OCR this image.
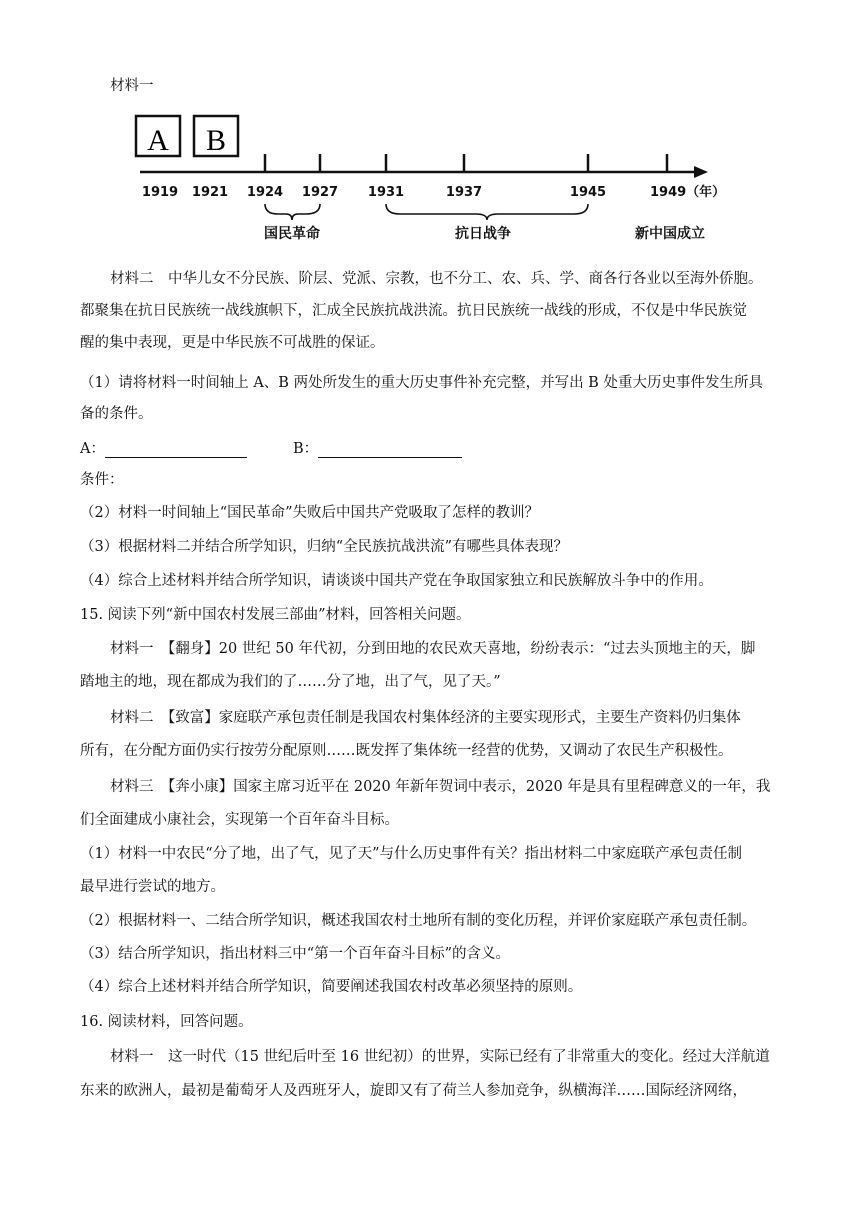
材料一
A B
1919 1921 1924 1927 1931	1937	1945	1949（年）
国民革命	抗日战争	新中国成立
材料二　中华儿女不分民族、阶层、党派、宗教，也不分工、农、兵、学、商各行各业以至海外侨胞。
都聚集在抗日民族统一战线旗帜下，汇成全民族抗战洪流。抗日民族统一战线的形成，不仅是中华民族觉
醒的集中表现，更是中华民族不可战胜的保证。
（1）请将材料一时间轴上 A、B 两处所发生的重大历史事件补充完整，并写出 B 处重大历史事件发生所具
备的条件。
A：	B：
条件：
（2）材料一时间轴上“国民革命”失败后中国共产党吸取了怎样的教训？
（3）根据材料二并结合所学知识，归纳“全民族抗战洪流”有哪些具体表现？
（4）综合上述材料并结合所学知识，请谈谈中国共产党在争取国家独立和民族解放斗争中的作用。
15. 阅读下列“新中国农村发展三部曲”材料，回答相关问题。
材料一　【翻身】20 世纪 50 年代初，分到田地的农民欢天喜地，纷纷表示：“过去头顶地主的天，脚
踏地主的地，现在都成为我们的了……分了地，出了气，见了天。”
材料二　【致富】家庭联产承包责任制是我国农村集体经济的主要实现形式，主要生产资料仍归集体
所有，在分配方面仍实行按劳分配原则……既发挥了集体统一经营的优势，又调动了农民生产积极性。
材料三　【奔小康】国家主席习近平在 2020 年新年贺词中表示，2020 年是具有里程碑意义的一年，我
们全面建成小康社会，实现第一个百年奋斗目标。
（1）材料一中农民“分了地，出了气，见了天”与什么历史事件有关？指出材料二中家庭联产承包责任制
最早进行尝试的地方。
（2）根据材料一、二结合所学知识，概述我国农村土地所有制的变化历程，并评价家庭联产承包责任制。
（3）结合所学知识，指出材料三中“第一个百年奋斗目标”的含义。
（4）综合上述材料并结合所学知识，简要阐述我国农村改革必须坚持的原则。
16. 阅读材料，回答问题。
材料一　这一时代（15 世纪后叶至 16 世纪初）的世界，实际已经有了非常重大的变化。经过大洋航道
东来的欧洲人，最初是葡萄牙人及西班牙人，旋即又有了荷兰人参加竞争，纵横海洋……国际经济网络，
